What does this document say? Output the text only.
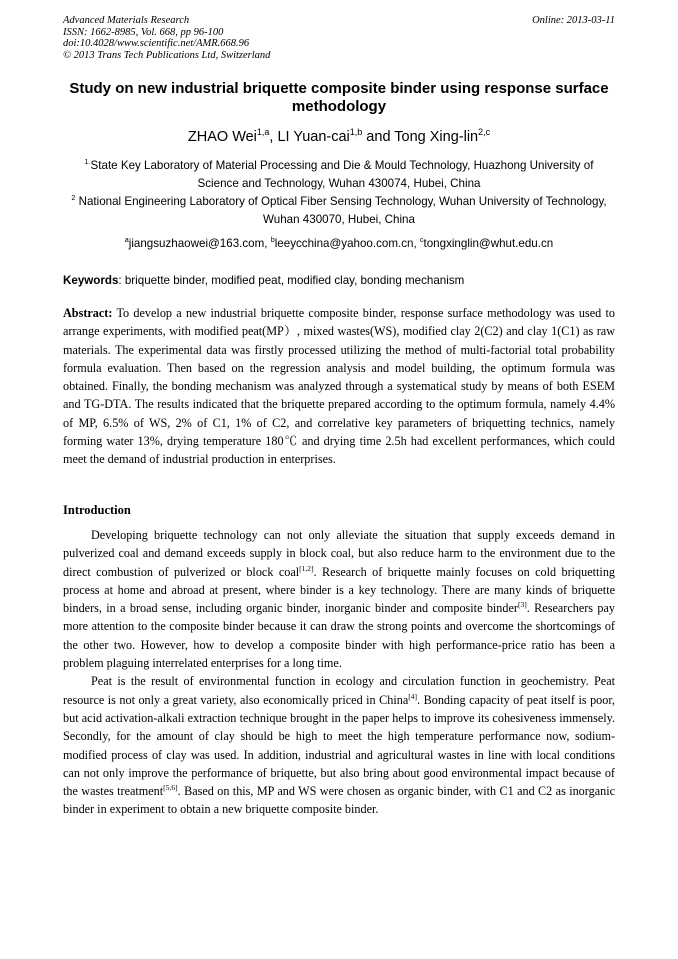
Advanced Materials Research
ISSN: 1662-8985, Vol. 668, pp 96-100
doi:10.4028/www.scientific.net/AMR.668.96
© 2013 Trans Tech Publications Ltd, Switzerland
Online: 2013-03-11
Study on new industrial briquette composite binder using response surface methodology
ZHAO Wei$^{1,a}$, LI Yuan-cai$^{1,b}$ and Tong Xing-lin$^{2,c}$
$^{1.}$State Key Laboratory of Material Processing and Die & Mould Technology, Huazhong University of Science and Technology, Wuhan 430074, Hubei, China
$^2$ National Engineering Laboratory of Optical Fiber Sensing Technology, Wuhan University of Technology, Wuhan 430070, Hubei, China
$^a$jiangsuzhaowei@163.com, $^b$leeycchina@yahoo.com.cn, $^c$tongxinglin@whut.edu.cn
Keywords: briquette binder, modified peat, modified clay, bonding mechanism
Abstract: To develop a new industrial briquette composite binder, response surface methodology was used to arrange experiments, with modified peat(MP）, mixed wastes(WS), modified clay 2(C2) and clay 1(C1) as raw materials. The experimental data was firstly processed utilizing the method of multi-factorial total probability formula evaluation. Then based on the regression analysis and model building, the optimum formula was obtained. Finally, the bonding mechanism was analyzed through a systematical study by means of both ESEM and TG-DTA. The results indicated that the briquette prepared according to the optimum formula, namely 4.4% of MP, 6.5% of WS, 2% of C1, 1% of C2, and correlative key parameters of briquetting technics, namely forming water 13%, drying temperature 180℃ and drying time 2.5h had excellent performances, which could meet the demand of industrial production in enterprises.
Introduction

Developing briquette technology can not only alleviate the situation that supply exceeds demand in pulverized coal and demand exceeds supply in block coal, but also reduce harm to the environment due to the direct combustion of pulverized or block coal[1,2]. Research of briquette mainly focuses on cold briquetting process at home and abroad at present, where binder is a key technology. There are many kinds of briquette binders, in a broad sense, including organic binder, inorganic binder and composite binder[3]. Researchers pay more attention to the composite binder because it can draw the strong points and overcome the shortcomings of the other two. However, how to develop a composite binder with high performance-price ratio has been a problem plaguing interrelated enterprises for a long time.

Peat is the result of environmental function in ecology and circulation function in geochemistry. Peat resource is not only a great variety, also economically priced in China[4]. Bonding capacity of peat itself is poor, but acid activation-alkali extraction technique brought in the paper helps to improve its cohesiveness immensely. Secondly, for the amount of clay should be high to meet the high temperature performance now, sodium-modified process of clay was used. In addition, industrial and agricultural wastes in line with local conditions can not only improve the performance of briquette, but also bring about good environmental impact because of the wastes treatment[5,6]. Based on this, MP and WS were chosen as organic binder, with C1 and C2 as inorganic binder in experiment to obtain a new briquette composite binder.
